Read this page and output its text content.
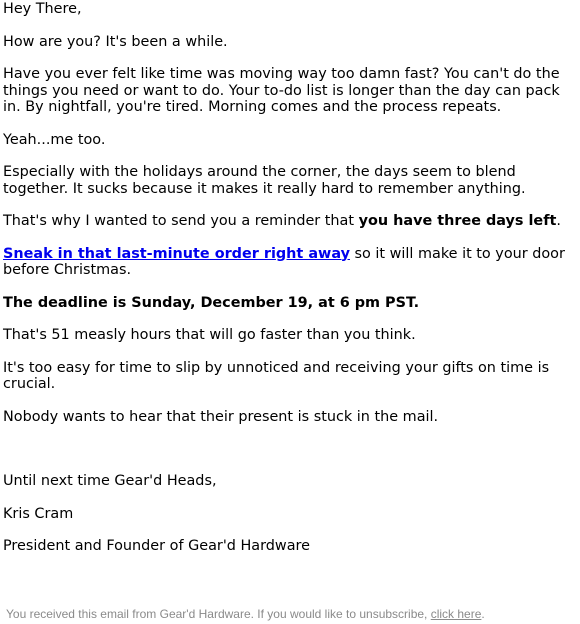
Hey There,

How are you? It's been a while.

Have you ever felt like time was moving way too damn fast? You can't do the things you need or want to do. Your to-do list is longer than the day can pack in. By nightfall, you're tired. Morning comes and the process repeats.

Yeah...me too.

Especially with the holidays around the corner, the days seem to blend together. It sucks because it makes it really hard to remember anything.

That's why I wanted to send you a reminder that you have three days left.

Sneak in that last-minute order right away so it will make it to your door before Christmas.

The deadline is Sunday, December 19, at 6 pm PST.

That's 51 measly hours that will go faster than you think.

It's too easy for time to slip by unnoticed and receiving your gifts on time is crucial.

Nobody wants to hear that their present is stuck in the mail.

Until next time Gear'd Heads,

Kris Cram

President and Founder of Gear'd Hardware

You received this email from Gear'd Hardware. If you would like to unsubscribe, click here.
